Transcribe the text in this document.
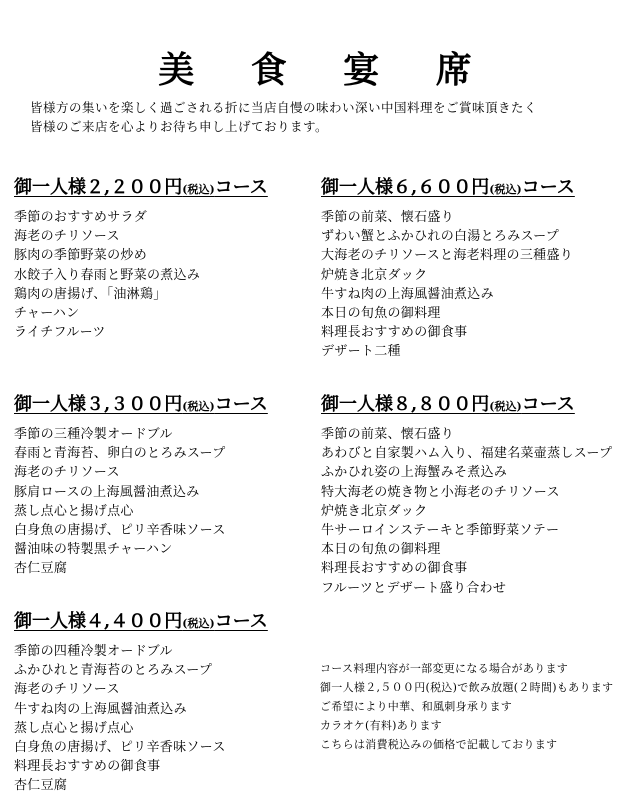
美 食 宴 席

皆様方の集いを楽しく過ごされる折に当店自慢の味わい深い中国料理をご賞味頂きたく

皆様のご来店を心よりお待ち申し上げております。

御一人様２,２００円(税込)コース
季節のおすすめサラダ
海老のチリソース
豚肉の季節野菜の炒め
水餃子入り春雨と野菜の煮込み
鶏肉の唐揚げ、「油淋鶏」
チャーハン
ライチフルーツ
御一人様６,６００円(税込)コース
季節の前菜、懐石盛り
ずわい蟹とふかひれの白湯とろみスープ
大海老のチリソースと海老料理の三種盛り
炉焼き北京ダック
牛すね肉の上海風醤油煮込み
本日の旬魚の御料理
料理長おすすめの御食事
デザート二種
御一人様３,３００円(税込)コース
季節の三種冷製オードブル
春雨と青海苔、卵白のとろみスープ
海老のチリソース
豚肩ロースの上海風醤油煮込み
蒸し点心と揚げ点心
白身魚の唐揚げ、ピリ辛香味ソース
醤油味の特製黒チャーハン
杏仁豆腐
御一人様８,８００円(税込)コース
季節の前菜、懐石盛り
あわびと自家製ハム入り、福建名菜壷蒸しスープ
ふかひれ姿の上海蟹みそ煮込み
特大海老の焼き物と小海老のチリソース
炉焼き北京ダック
牛サーロインステーキと季節野菜ソテー
本日の旬魚の御料理
料理長おすすめの御食事
フルーツとデザート盛り合わせ
御一人様４,４００円(税込)コース
季節の四種冷製オードブル
ふかひれと青海苔のとろみスープ
海老のチリソース
牛すね肉の上海風醤油煮込み
蒸し点心と揚げ点心
白身魚の唐揚げ、ピリ辛香味ソース
料理長おすすめの御食事
杏仁豆腐
コース料理内容が一部変更になる場合があります
御一人様２,５００円(税込)で飲み放題(２時間)もあります
ご希望により中華、和風刺身承ります
カラオケ(有料)あります
こちらは消費税込みの価格で記載しております
